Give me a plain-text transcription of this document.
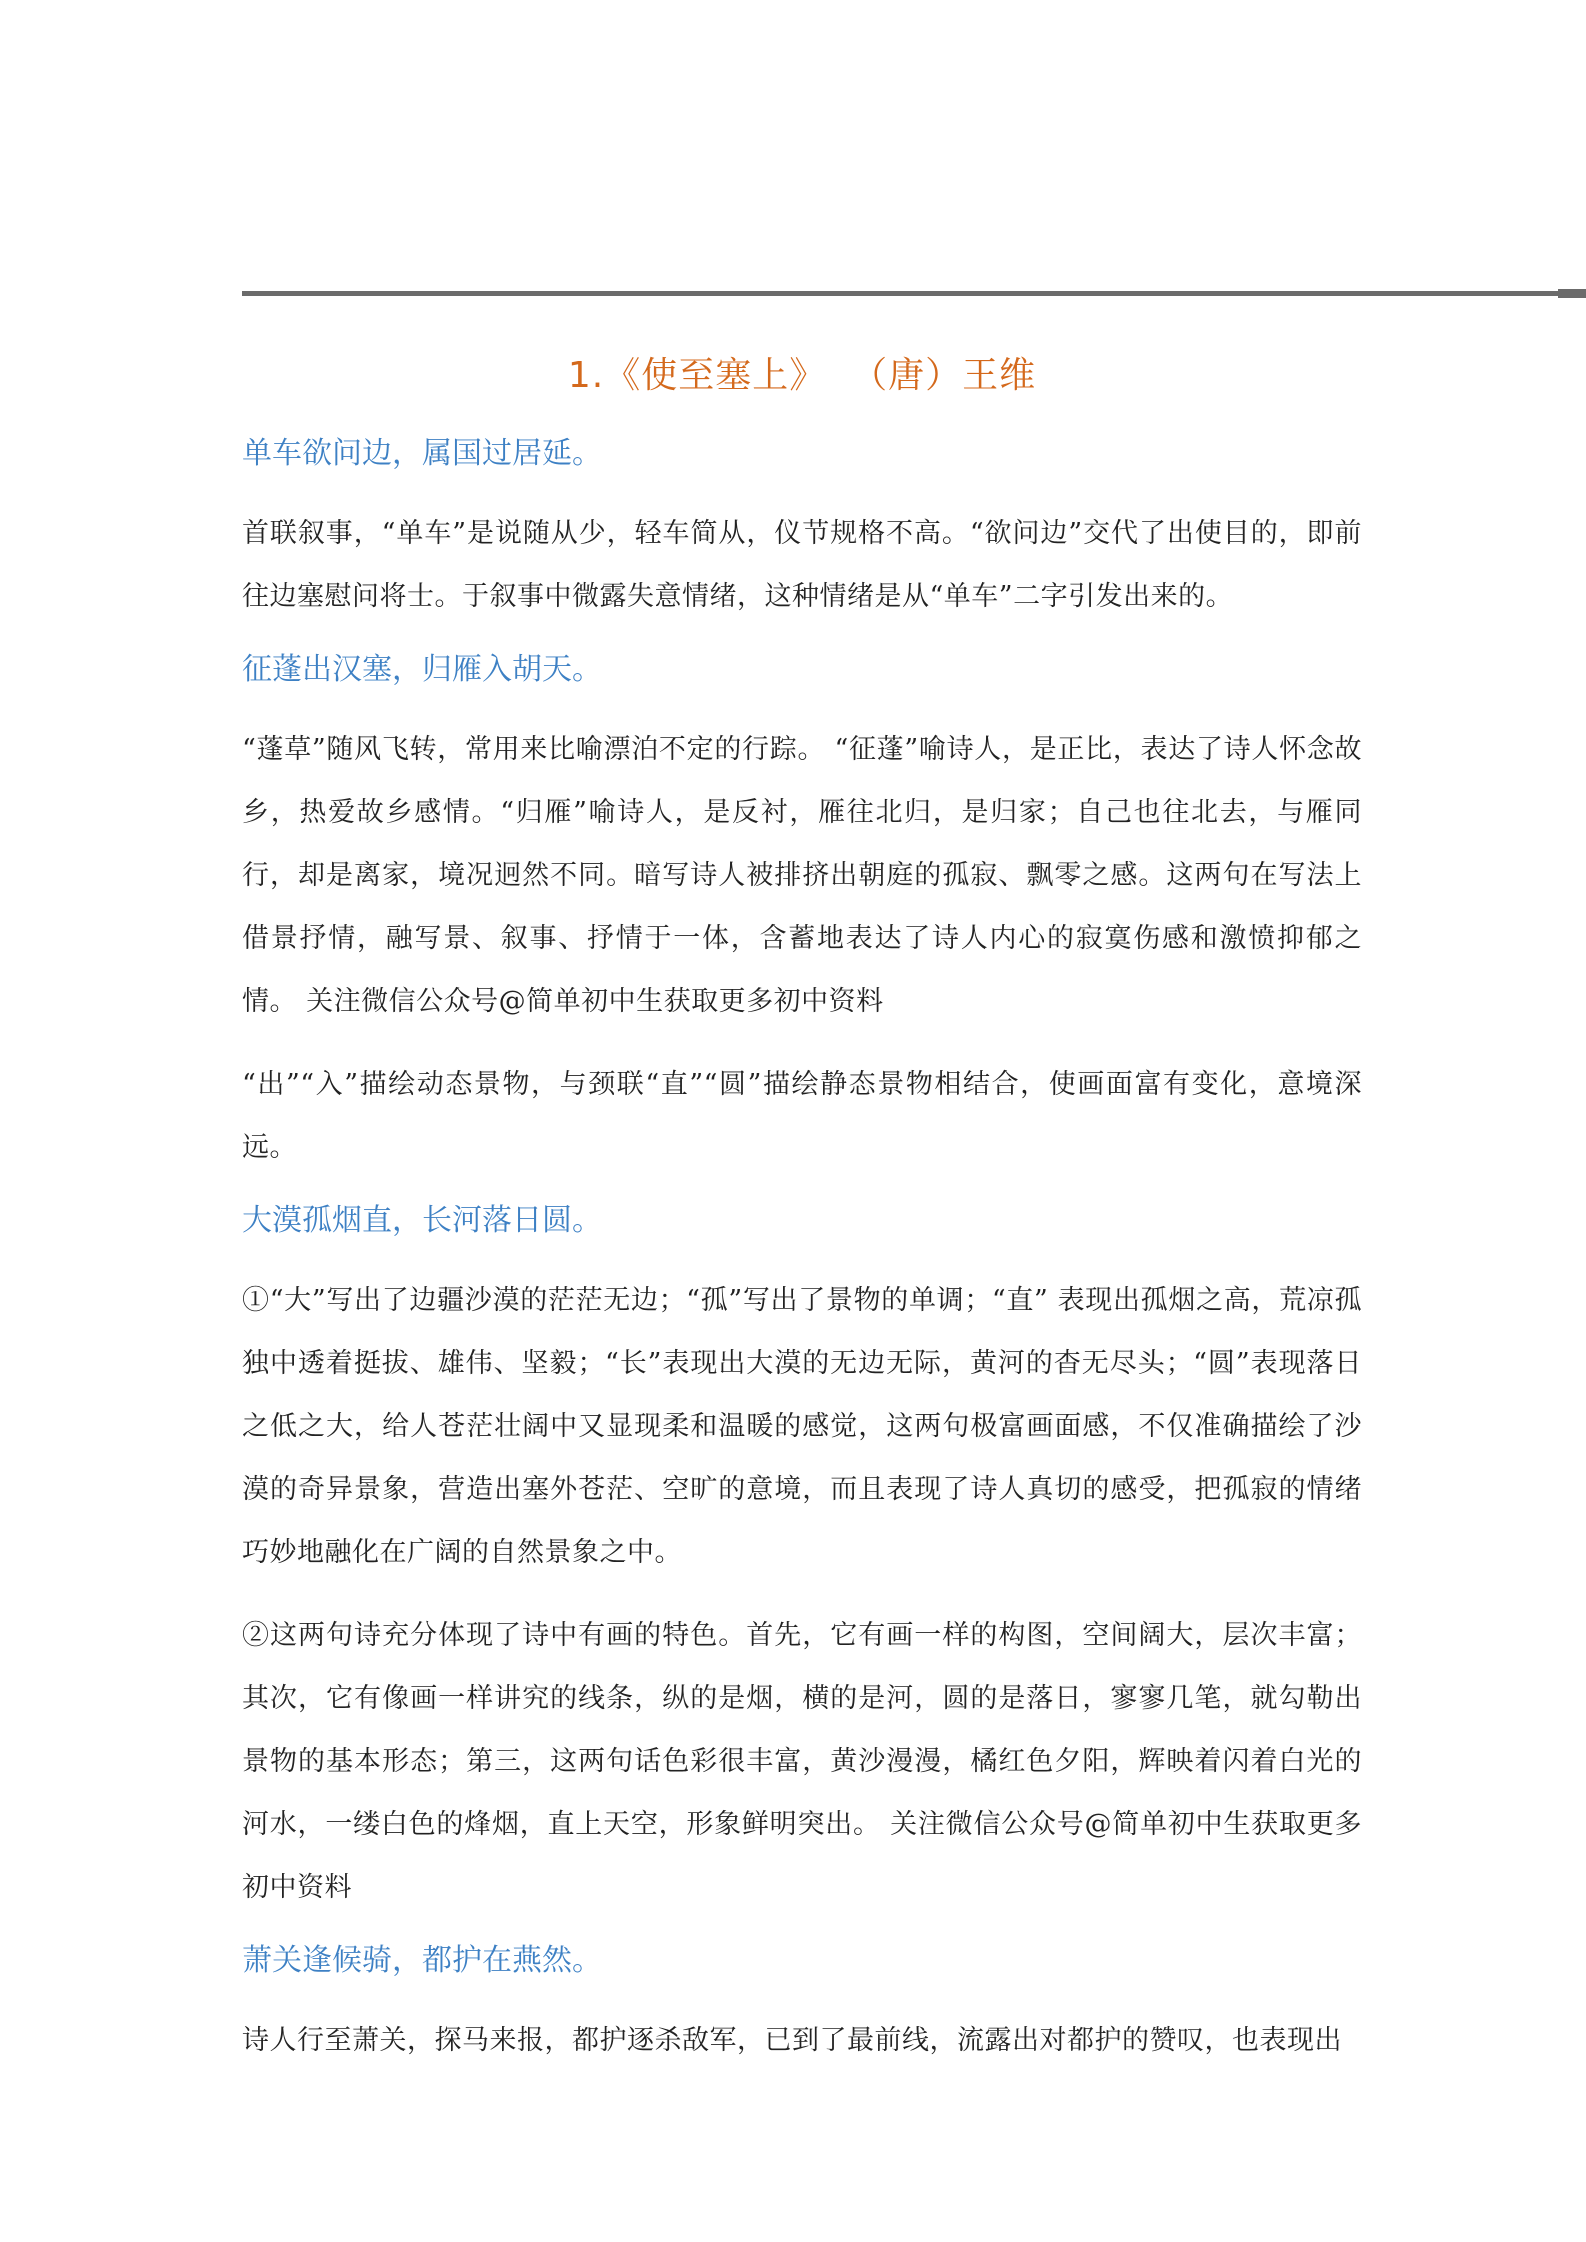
1.《使至塞上》  （唐）王维
单车欲问边，属国过居延。

首联叙事，“单车”是说随从少，轻车简从，仪节规格不高。“欲问边”交代了出使目的，即前往边塞慰问将士。于叙事中微露失意情绪，这种情绪是从“单车”二字引发出来的。

征蓬出汉塞，归雁入胡天。

“蓬草”随风飞转，常用来比喻漂泊不定的行踪。 “征蓬”喻诗人，是正比，表达了诗人怀念故乡，热爱故乡感情。“归雁”喻诗人，是反衬，雁往北归，是归家；自己也往北去，与雁同行，却是离家，境况迥然不同。暗写诗人被排挤出朝庭的孤寂、飘零之感。这两句在写法上借景抒情，融写景、叙事、抒情于一体，含蓄地表达了诗人内心的寂寞伤感和激愤抑郁之情。 关注微信公众号@简单初中生获取更多初中资料

“出”“入”描绘动态景物，与颈联“直”“圆”描绘静态景物相结合，使画面富有变化，意境深远。

大漠孤烟直，长河落日圆。

①“大”写出了边疆沙漠的茫茫无边；“孤”写出了景物的单调；“直” 表现出孤烟之高，荒凉孤独中透着挺拔、雄伟、坚毅；“长”表现出大漠的无边无际，黄河的杳无尽头；“圆”表现落日之低之大，给人苍茫壮阔中又显现柔和温暖的感觉，这两句极富画面感，不仅准确描绘了沙漠的奇异景象，营造出塞外苍茫、空旷的意境，而且表现了诗人真切的感受，把孤寂的情绪巧妙地融化在广阔的自然景象之中。

②这两句诗充分体现了诗中有画的特色。首先，它有画一样的构图，空间阔大，层次丰富；其次，它有像画一样讲究的线条，纵的是烟，横的是河，圆的是落日，寥寥几笔，就勾勒出景物的基本形态；第三，这两句话色彩很丰富，黄沙漫漫，橘红色夕阳，辉映着闪着白光的河水，一缕白色的烽烟，直上天空，形象鲜明突出。 关注微信公众号@简单初中生获取更多初中资料

萧关逢候骑，都护在燕然。

诗人行至萧关，探马来报，都护逐杀敌军，已到了最前线，流露出对都护的赞叹，也表现出
